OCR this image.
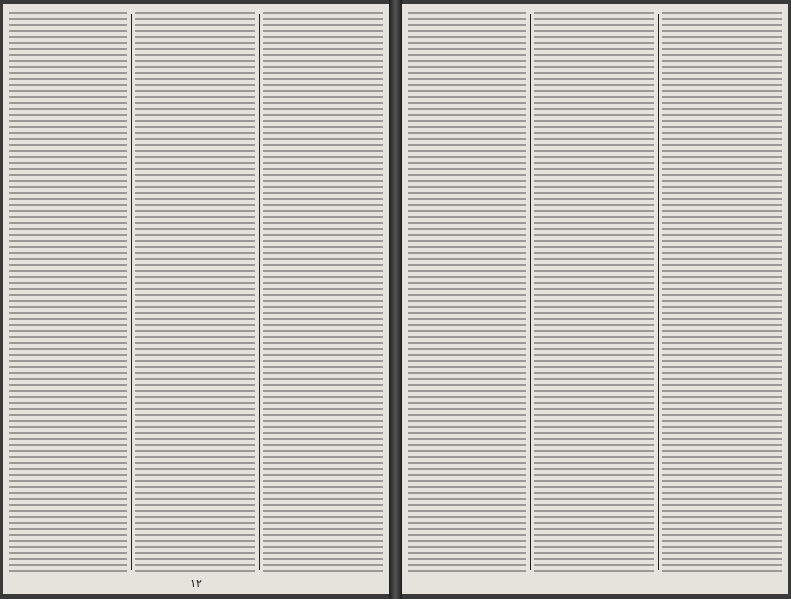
۱۲
